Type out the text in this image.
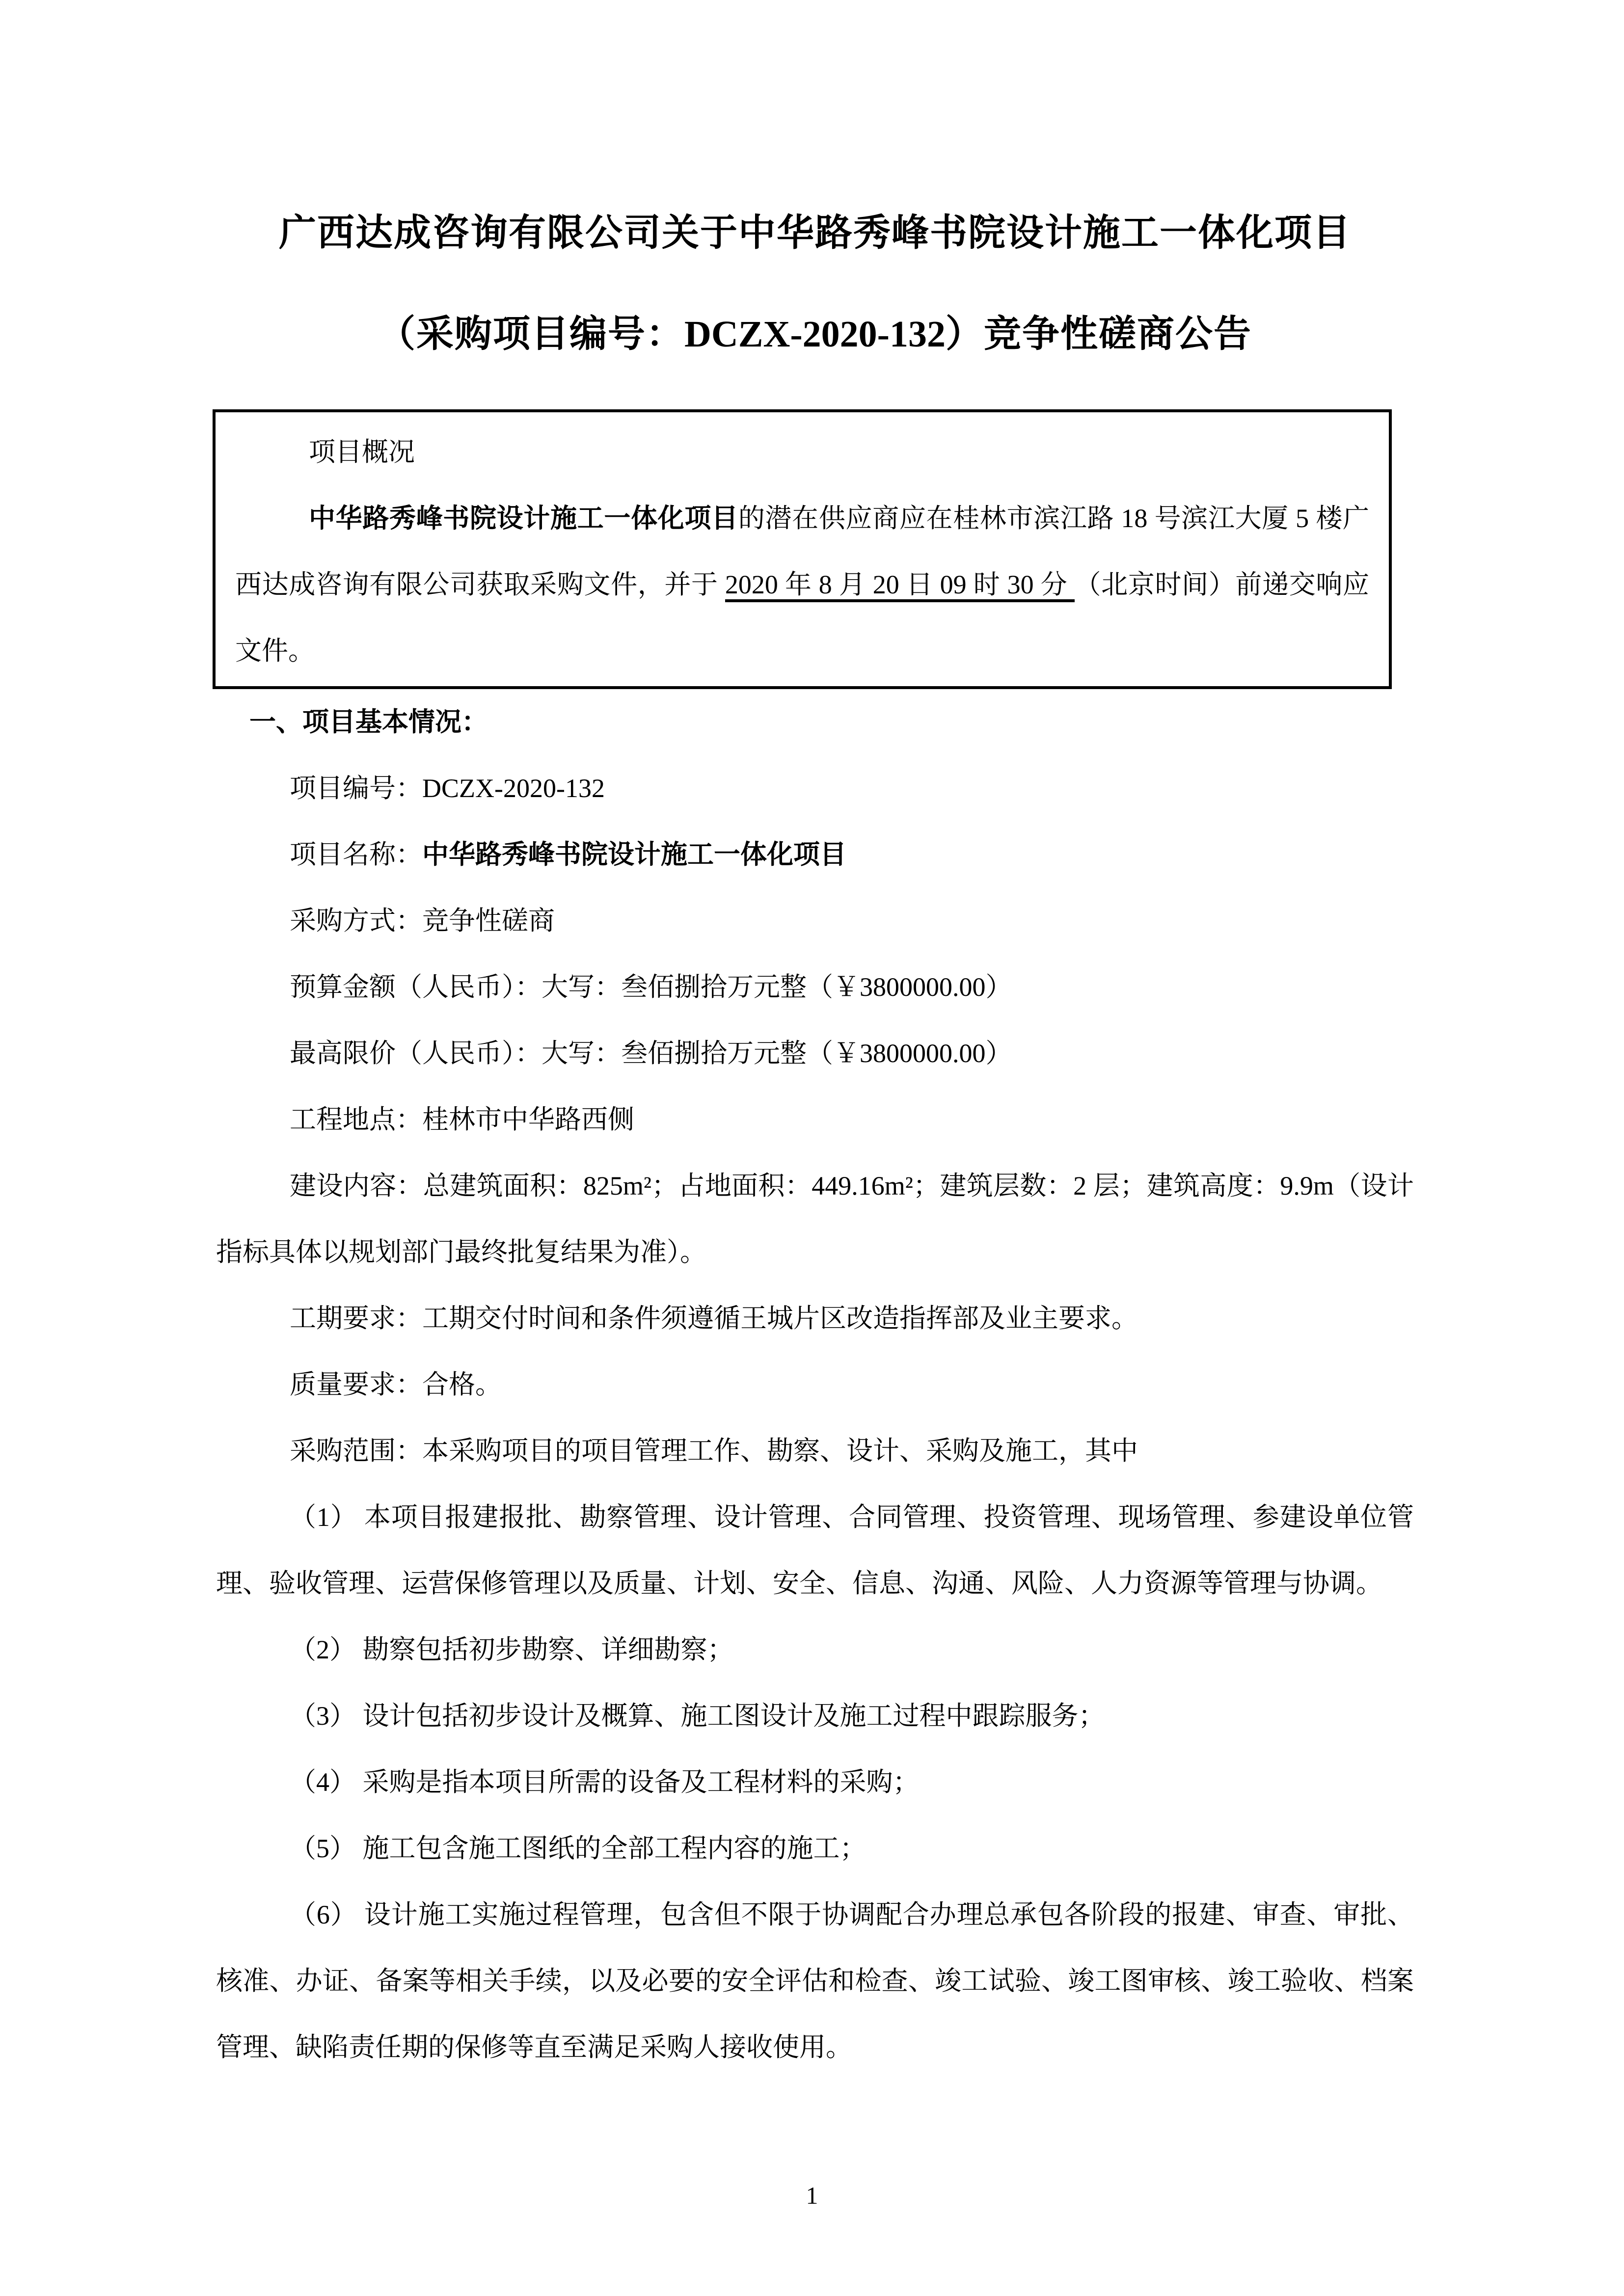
广西达成咨询有限公司关于中华路秀峰书院设计施工一体化项目
（采购项目编号：DCZX-2020-132）竞争性磋商公告

项目概况

中华路秀峰书院设计施工一体化项目的潜在供应商应在桂林市滨江路 18 号滨江大厦 5 楼广西达成咨询有限公司获取采购文件，并于 2020 年 8 月 20 日 09 时 30 分 （北京时间）前递交响应文件。

一、项目基本情况：

项目编号：DCZX-2020-132

项目名称：中华路秀峰书院设计施工一体化项目

采购方式：竞争性磋商

预算金额（人民币）：大写：叁佰捌拾万元整（￥3800000.00）

最高限价（人民币）：大写：叁佰捌拾万元整（￥3800000.00）

工程地点：桂林市中华路西侧

建设内容：总建筑面积：825m²；占地面积：449.16m²；建筑层数：2 层；建筑高度：9.9m（设计指标具体以规划部门最终批复结果为准）。

工期要求：工期交付时间和条件须遵循王城片区改造指挥部及业主要求。

质量要求：合格。

采购范围：本采购项目的项目管理工作、勘察、设计、采购及施工，其中

（1） 本项目报建报批、勘察管理、设计管理、合同管理、投资管理、现场管理、参建设单位管理、验收管理、运营保修管理以及质量、计划、安全、信息、沟通、风险、人力资源等管理与协调。

（2） 勘察包括初步勘察、详细勘察；

（3） 设计包括初步设计及概算、施工图设计及施工过程中跟踪服务；

（4） 采购是指本项目所需的设备及工程材料的采购；

（5） 施工包含施工图纸的全部工程内容的施工；

（6） 设计施工实施过程管理，包含但不限于协调配合办理总承包各阶段的报建、审查、审批、核准、办证、备案等相关手续，以及必要的安全评估和检查、竣工试验、竣工图审核、竣工验收、档案管理、缺陷责任期的保修等直至满足采购人接收使用。

1
